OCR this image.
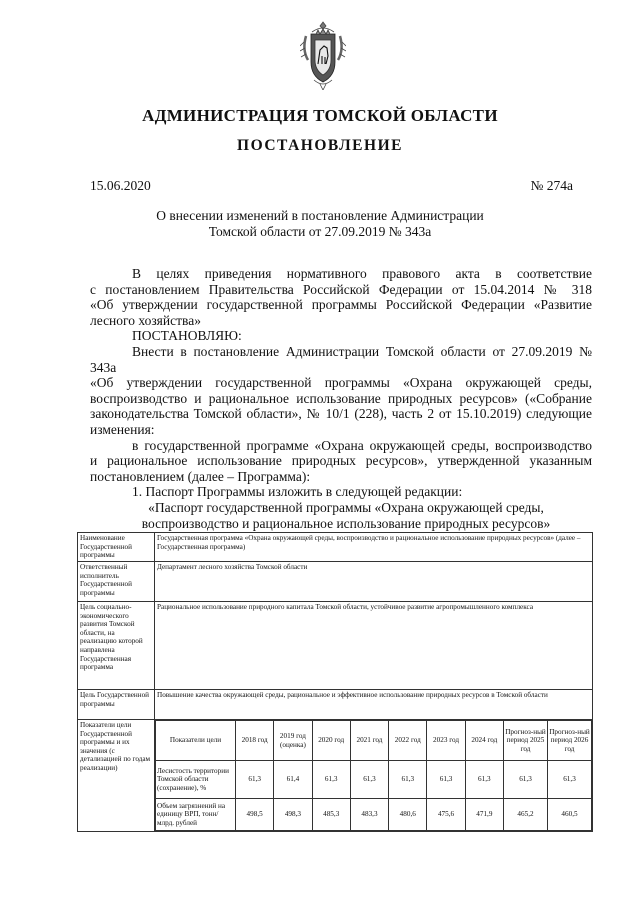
АДМИНИСТРАЦИЯ ТОМСКОЙ ОБЛАСТИ
ПОСТАНОВЛЕНИЕ
15.06.2020	№ 274а
О внесении изменений в постановление Администрации
Томской области от 27.09.2019 № 343а

В целях приведения нормативного правового акта в соответствие

с постановлением Правительства Российской Федерации от 15.04.2014 № 318

«Об утверждении государственной программы Российской Федерации «Развитие

лесного хозяйства»

ПОСТАНОВЛЯЮ:

Внести в постановление Администрации Томской области от 27.09.2019 № 343а

«Об утверждении государственной программы «Охрана окружающей среды,

воспроизводство и рациональное использование природных ресурсов» («Собрание

законодательства Томской области», № 10/1 (228), часть 2 от 15.10.2019) следующие

изменения:

в государственной программе «Охрана окружающей среды, воспроизводство

и рациональное использование природных ресурсов», утвержденной указанным

постановлением (далее – Программа):

1. Паспорт Программы изложить в следующей редакции:

«Паспорт государственной программы «Охрана окружающей среды,

воспроизводство и рациональное использование природных ресурсов»

Наименование Государственной программы	Государственная программа «Охрана окружающей среды, воспроизводство и рациональное использование природных ресурсов» (далее – Государственная программа)
Ответственный исполнитель Государственной программы	Департамент лесного хозяйства Томской области
Цель социально-экономического развития Томской области, на реализацию которой направлена Государственная программа	Рациональное использование природного капитала Томской области, устойчивое развитие агропромышленного комплекса
Цель Государственной программы	Повышение качества окружающей среды, рациональное и эффективное использование природных ресурсов в Томской области
Показатели цели Государственной программы и их значения (с детализацией по годам реализации)	
Показатели цели	2018 год	2019 год (оценка)	2020 год	2021 год	2022 год	2023 год	2024 год	Прогноз-ный период 2025 год	Прогноз-ный период 2026 год
Лесистость территории Томской области (сохранение), %	61,3	61,4	61,3	61,3	61,3	61,3	61,3	61,3	61,3
Объем загрязнений на единицу ВРП, тонн/млрд. рублей	498,5	498,3	485,3	483,3	480,6	475,6	471,9	465,2	460,5
